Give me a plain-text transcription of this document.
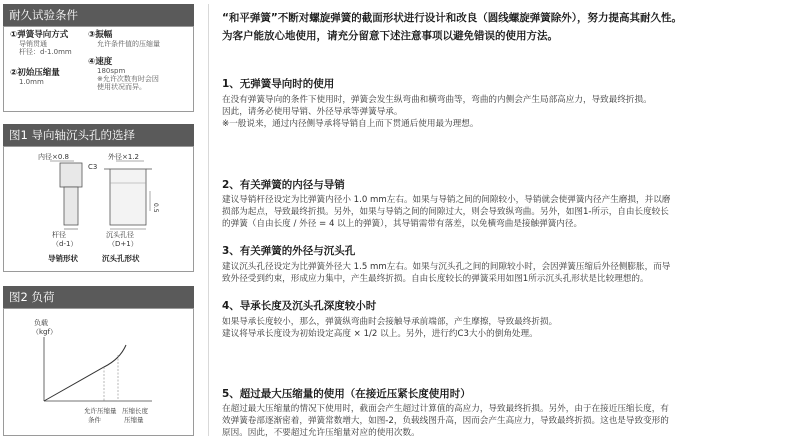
耐久试验条件
①弹簧导向方式
导销贯通
杆径：d-1.0mm
②初始压缩量
1.0mm
③振幅
允许条件值的压缩量
④速度
180spm
※允许次数有时会因
使用状况而异。
图1 导向轴沉头孔的选择
内径×0.8	外径×1.2
C3
0.5
杆径
（d-1）
沉头孔径
（D+1）
导销形状	沉头孔形状
图2 负荷
负载
（kgf）
允许压缩量
条件
压缩长度
压缩量
“和平弹簧”不断对螺旋弹簧的截面形状进行设计和改良（圆线螺旋弹簧除外），努力提高其耐久性。
为客户能放心地使用，请充分留意下述注意事项以避免错误的使用方法。
1、无弹簧导向时的使用
在没有弹簧导向的条件下使用时，弹簧会发生纵弯曲和横弯曲等，弯曲的内侧会产生局部高应力，导致最终折损。
因此，请务必使用导销、外径导承等弹簧导承。
※一般说来，通过内径侧导承将导销自上而下贯通后使用最为理想。
2、有关弹簧的内径与导销
建议导销杆径设定为比弹簧内径小 1.0 mm左右。如果与导销之间的间隙较小，导销就会使弹簧内径产生磨损，并以磨
损部为起点，导致最终折损。另外，如果与导销之间的间隙过大，则会导致纵弯曲。另外，如图1-所示，自由长度较长
的弹簧（自由长度 / 外径 = 4 以上的弹簧），其导销需带有落差，以免横弯曲是接触弹簧内径。
3、有关弹簧的外径与沉头孔
建议沉头孔径设定为比弹簧外径大 1.5 mm左右。如果与沉头孔之间的间隙较小时，会因弹簧压缩后外径侧膨胀，而导
致外径受到约束，形成应力集中，产生最终折损。自由长度较长的弹簧采用如图1所示沉头孔形状是比较理想的。
4、导承长度及沉头孔深度较小时
如果导承长度较小，那么，弹簧纵弯曲时会接触导承前端部，产生摩擦，导致最终折损。
建议将导承长度设为初始设定高度 × 1/2 以上。另外，进行约C3大小的倒角处理。
5、超过最大压缩量的使用（在接近压紧长度使用时）
在超过最大压缩量的情况下使用时，截面会产生超过计算值的高应力，导致最终折损。另外，由于在接近压缩长度，有
效弹簧卷部逐渐密着，弹簧常数增大，如图-2，负载线图升高，因而会产生高应力，导致最终折损。这也是导致变形的
原因。因此，不要超过允许压缩量对应的使用次数。
